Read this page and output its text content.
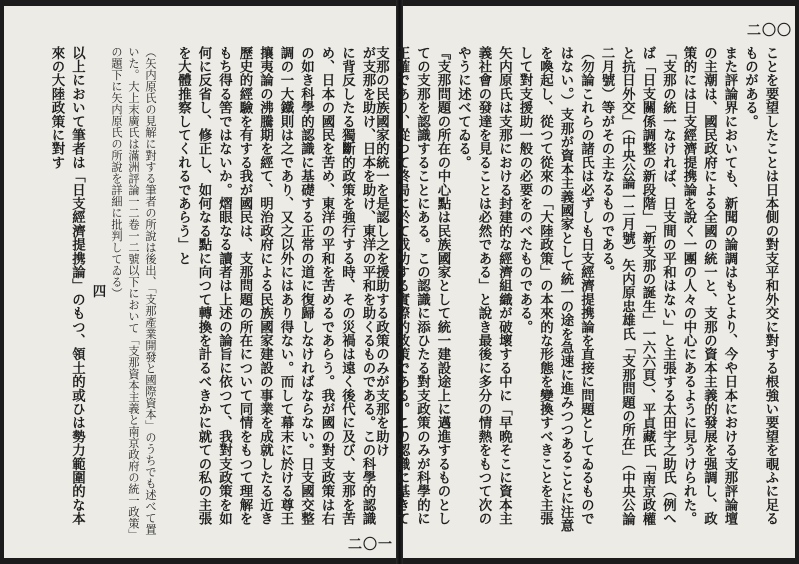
が支那を助け、日本を助け、東洋の平和を助くるものである。この科學的認識に背反したる獨斷的政策を強行する時、その災禍は遠く後代に及び、支那を苦め、日本の國民を苦め、東洋の平和を苦めるであらう。我が國の對支政策は右の如き科學的認識に基礎する正常の道に復歸しなければならない。日支國交整調の一大鐵則は之であり、又之以外にはあり得ない。而して幕末に於ける尊王攘夷論の沸騰期を經て、明治政府による民族國家建設の事業を成就したる近き歷史的經驗を有する我が國民は、支那問題の所在について同情をもつて理解をもち得る筈ではないか。熠眼なる讀者は上述の論旨に依つて、我對支政策を如何に反省し、修正し、如何なる點に向つて轉換を計るべきかに就ての私の主張を大體推察してくれるであらう」と

（矢内原氏の見解に對する筆者の所說は後出、「支那產業開發と國際資本」のうちでも述べて置いた。大上末廣氏は滿洲評論一二卷一二號以下において「支那資本主義と南京政府の統一政策」の題下に矢内原氏の所說を詳細に批判してゐる）

四

以上において筆者は「日支經濟提携論」のもつ、領土的或ひは勢力範圍的な本來の大陸政策に對す

二〇一
二〇〇

ことを要望したことは日本側の對支平和外交に對する根強い要望を覗ふに足るものがある。

また評論界においても、新聞の論調はもとより、今や日本における支那評論壇の主潮は、國民政府による全國の統一と、支那の資本主義的發展を强調し、政策的には日支經濟提携論を說く一團の人々の中心にあるように見うけられた。「支那の統一なければ、日支間の平和はない」と主張する太田宇之助氏（例へば「日支關係調整の新段階」「新支那の誕生」一六六頁）、平貞藏氏「南京政權と抗日外交」（中央公論一二月號）矢内原忠雄氏「支那問題の所在」（中央公論二月號）等がその主なるものである。

（勿論これらの諸氏は必ずしも日支經濟提携論を直接に問題としてゐるものではない。）支那が資本主義國家として統一の途を急速に進みつつあることに注意を喚起し、從つて從來の「大陸政策」の本來的な形態を變換すべきことを主張して對支援助一般の必要をのべたものである。

矢内原氏は支那における封建的な經濟組織が破壞する中に「早晩そこに資本主義社會の發達を見ることは必然である」と說き最後に多分の情熱をもつて次のやうに述べてゐる。

『支那問題の所在の中心點は民族國家として統一建設途上に邁進するものとしての支那を認識することにある。この認識に添ひたる對支政策のみが科學的に正確であり、從つて終局に於て成功する實際的政策である。この認識に基きて支那の民族國家的統一を是認し之を援助する政策のみが支那を助け
